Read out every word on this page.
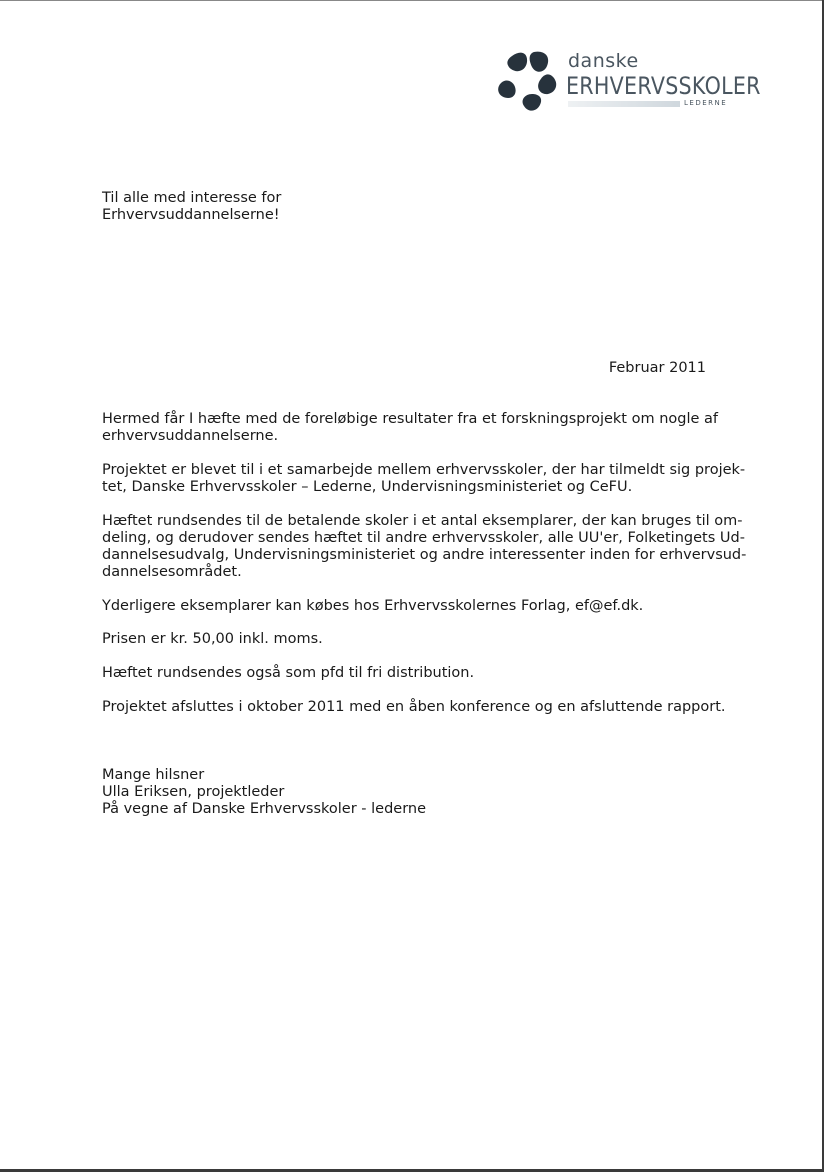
danske
ERHVERVSSKOLER
LEDERNE
Til alle med interesse for
Erhvervsuddannelserne!
Februar 2011
Hermed får I hæfte med de foreløbige resultater fra et forskningsprojekt om nogle af
erhvervsuddannelserne.
Projektet er blevet til i et samarbejde mellem erhvervsskoler, der har tilmeldt sig projek-
tet, Danske Erhvervsskoler – Lederne, Undervisningsministeriet og CeFU.
Hæftet rundsendes til de betalende skoler i et antal eksemplarer, der kan bruges til om-
deling, og derudover sendes hæftet til andre erhvervsskoler, alle UU'er, Folketingets Ud-
dannelsesudvalg, Undervisningsministeriet og andre interessenter inden for erhvervsud-
dannelsesområdet.
Yderligere eksemplarer kan købes hos Erhvervsskolernes Forlag, ef@ef.dk.
Prisen er kr. 50,00 inkl. moms.
Hæftet rundsendes også som pfd til fri distribution.
Projektet afsluttes i oktober 2011 med en åben konference og en afsluttende rapport.
Mange hilsner
Ulla Eriksen, projektleder
På vegne af Danske Erhvervsskoler - lederne
